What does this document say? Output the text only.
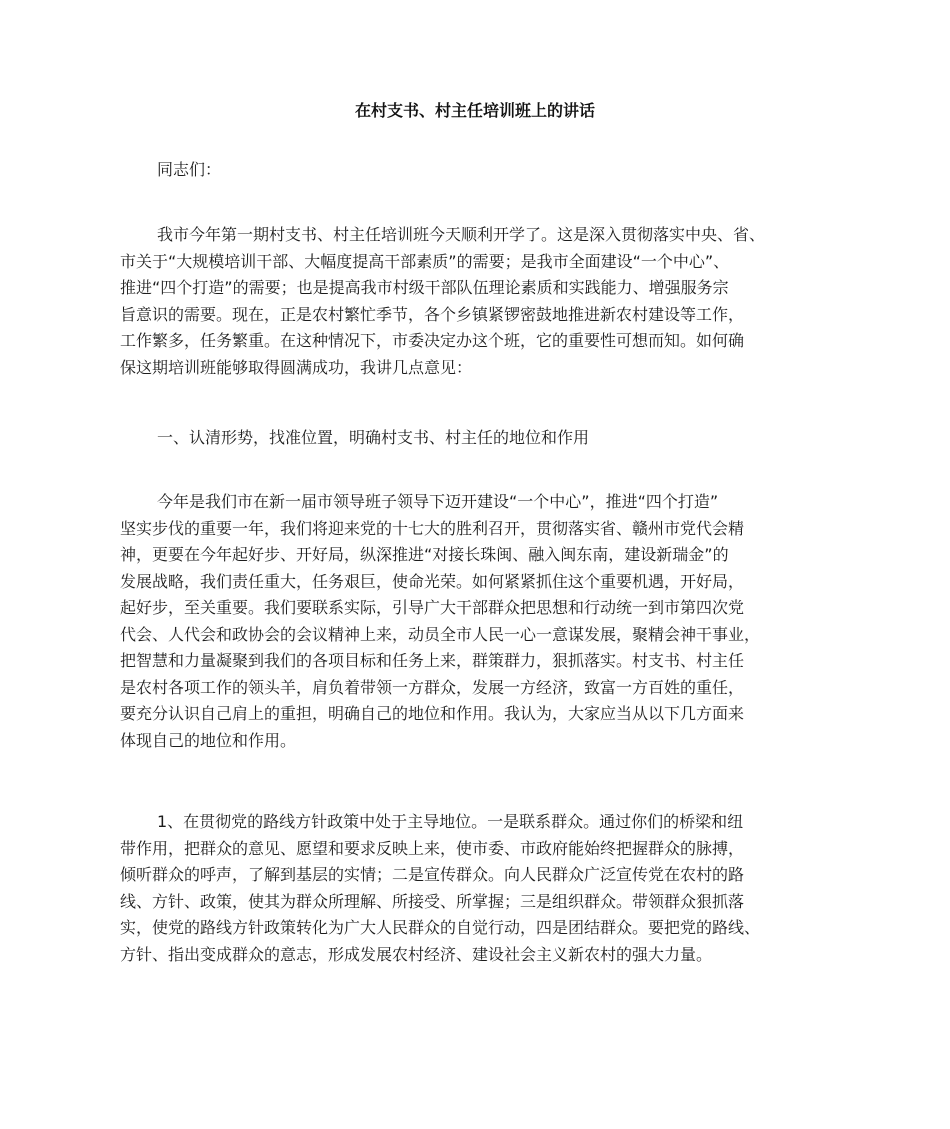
在村支书、村主任培训班上的讲话

同志们：

我市今年第一期村支书、村主任培训班今天顺利开学了。这是深入贯彻落实中央、省、
市关于“大规模培训干部、大幅度提高干部素质”的需要；是我市全面建设“一个中心”、
推进“四个打造”的需要；也是提高我市村级干部队伍理论素质和实践能力、增强服务宗
旨意识的需要。现在，正是农村繁忙季节，各个乡镇紧锣密鼓地推进新农村建设等工作，
工作繁多，任务繁重。在这种情况下，市委决定办这个班，它的重要性可想而知。如何确
保这期培训班能够取得圆满成功，我讲几点意见：

一、认清形势，找准位置，明确村支书、村主任的地位和作用

今年是我们市在新一届市领导班子领导下迈开建设“一个中心”，推进“四个打造”
坚实步伐的重要一年，我们将迎来党的十七大的胜利召开，贯彻落实省、赣州市党代会精
神，更要在今年起好步、开好局，纵深推进“对接长珠闽、融入闽东南，建设新瑞金”的
发展战略，我们责任重大，任务艰巨，使命光荣。如何紧紧抓住这个重要机遇，开好局，
起好步，至关重要。我们要联系实际，引导广大干部群众把思想和行动统一到市第四次党
代会、人代会和政协会的会议精神上来，动员全市人民一心一意谋发展，聚精会神干事业，
把智慧和力量凝聚到我们的各项目标和任务上来，群策群力，狠抓落实。村支书、村主任
是农村各项工作的领头羊，肩负着带领一方群众，发展一方经济，致富一方百姓的重任，
要充分认识自己肩上的重担，明确自己的地位和作用。我认为，大家应当从以下几方面来
体现自己的地位和作用。

1、在贯彻党的路线方针政策中处于主导地位。一是联系群众。通过你们的桥梁和纽
带作用，把群众的意见、愿望和要求反映上来，使市委、市政府能始终把握群众的脉搏，
倾听群众的呼声，了解到基层的实情；二是宣传群众。向人民群众广泛宣传党在农村的路
线、方针、政策，使其为群众所理解、所接受、所掌握；三是组织群众。带领群众狠抓落
实，使党的路线方针政策转化为广大人民群众的自觉行动，四是团结群众。要把党的路线、
方针、指出变成群众的意志，形成发展农村经济、建设社会主义新农村的强大力量。
